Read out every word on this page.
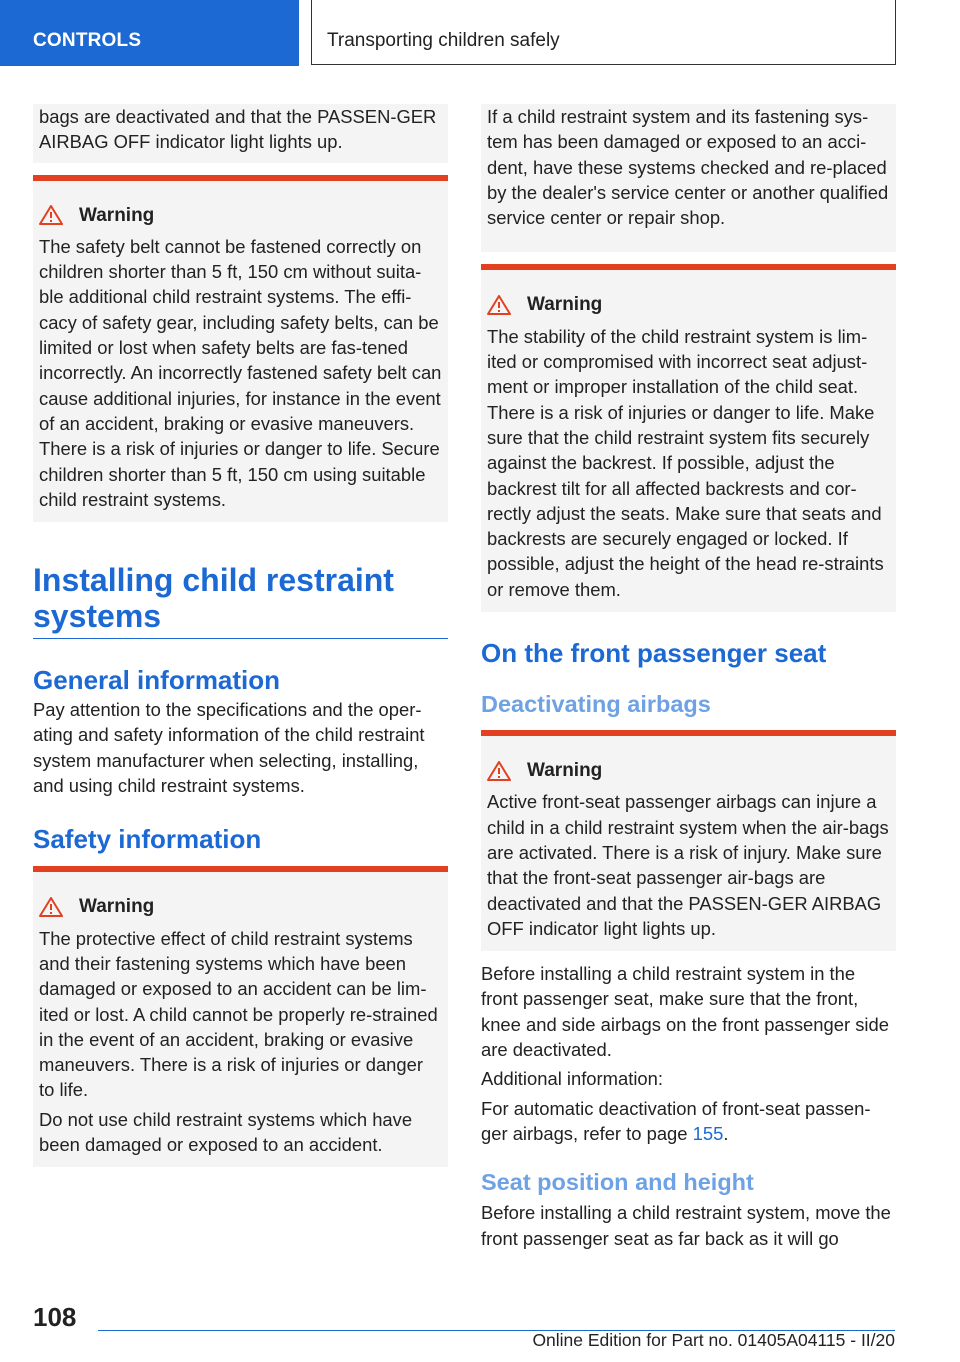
CONTROLS	Transporting children safely

bags are deactivated and that the PASSEN-GER AIRBAG OFF indicator light lights up.

Warning

The safety belt cannot be fastened correctly on children shorter than 5 ft, 150 cm without suita-ble additional child restraint systems. The effi-cacy of safety gear, including safety belts, can be limited or lost when safety belts are fas-tened incorrectly. An incorrectly fastened safety belt can cause additional injuries, for instance in the event of an accident, braking or evasive maneuvers. There is a risk of injuries or danger to life. Secure children shorter than 5 ft, 150 cm using suitable child restraint systems.

Installing child restraint systems
General information

Pay attention to the specifications and the oper-ating and safety information of the child restraint system manufacturer when selecting, installing, and using child restraint systems.

Safety information
Warning

The protective effect of child restraint systems and their fastening systems which have been damaged or exposed to an accident can be lim-ited or lost. A child cannot be properly re-strained in the event of an accident, braking or evasive maneuvers. There is a risk of injuries or danger to life.

Do not use child restraint systems which have been damaged or exposed to an accident.

If a child restraint system and its fastening sys-tem has been damaged or exposed to an acci-dent, have these systems checked and re-placed by the dealer's service center or another qualified service center or repair shop.

Warning

The stability of the child restraint system is lim-ited or compromised with incorrect seat adjust-ment or improper installation of the child seat. There is a risk of injuries or danger to life. Make sure that the child restraint system fits securely against the backrest. If possible, adjust the backrest tilt for all affected backrests and cor-rectly adjust the seats. Make sure that seats and backrests are securely engaged or locked. If possible, adjust the height of the head re-straints or remove them.

On the front passenger seat
Deactivating airbags
Warning

Active front-seat passenger airbags can injure a child in a child restraint system when the air-bags are activated. There is a risk of injury. Make sure that the front-seat passenger air-bags are deactivated and that the PASSEN-GER AIRBAG OFF indicator light lights up.

Before installing a child restraint system in the front passenger seat, make sure that the front, knee and side airbags on the front passenger side are deactivated.

Additional information:

For automatic deactivation of front-seat passen-ger airbags, refer to page 155.

Seat position and height

Before installing a child restraint system, move the front passenger seat as far back as it will go

108
Online Edition for Part no. 01405A04115 - II/20
